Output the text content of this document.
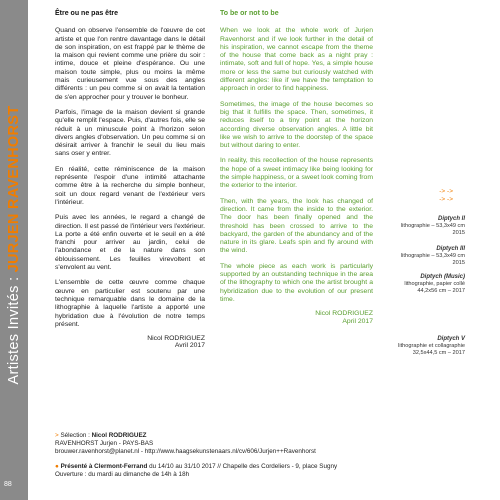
Artistes Invités : JURJEN RAVENHORST
88
Être ou ne pas être

Quand on observe l'ensemble de l'œuvre de cet artiste et que l'on rentre davantage dans le détail de son inspiration, on est frappé par le thème de la maison qui revient comme une prière du soir : intime, douce et pleine d'espérance. Ou une maison toute simple, plus ou moins la même mais curieusement vue sous des angles différents : un peu comme si on avait la tentation de s'en approcher pour y trouver le bonheur.

Parfois, l'image de la maison devient si grande qu'elle remplit l'espace. Puis, d'autres fois, elle se réduit à un minuscule point à l'horizon selon divers angles d'observation. Un peu comme si on désirait arriver à franchir le seuil du lieu mais sans oser y entrer.

En réalité, cette réminiscence de la maison représente l'espoir d'une intimité attachante comme être à la recherche du simple bonheur, soit un doux regard venant de l'extérieur vers l'intérieur.

Puis avec les années, le regard a changé de direction. Il est passé de l'intérieur vers l'extérieur. La porte a été enfin ouverte et le seuil en a été franchi pour arriver au jardin, celui de l'abondance et de la nature dans son éblouissement. Les feuilles virevoltent et s'envolent au vent.

L'ensemble de cette œuvre comme chaque œuvre en particulier est soutenu par une technique remarquable dans le domaine de la lithographie à laquelle l'artiste a apporté une hybridation due à l'évolution de notre temps présent.

Nicol RODRIGUEZ
Avril 2017
To be or not to be

When we look at the whole work of Jurjen Ravenhorst and if we look further in the detail of his inspiration, we cannot escape from the theme of the house that come back as a night pray : intimate, soft and full of hope. Yes, a simple house more or less the same but curiously watched with different angles: like if we have the temptation to approach in order to find happiness.

Sometimes, the image of the house becomes so big that it fulfills the space. Then, sometimes, it reduces itself to a tiny point at the horizon according diverse observation angles. A little bit like we wish to arrive to the doorstep of the space but without daring to enter.

In reality, this recollection of the house represents the hope of a sweet intimacy like being looking for the simple happiness, or a sweet look coming from the exterior to the interior.

Then, with the years, the look has changed of direction. It came from the inside to the exterior. The door has been finally opened and the threshold has been crossed to arrive to the backyard, the garden of the abundancy and of the nature in its glare. Leafs spin and fly around with the wind.

The whole piece as each work is particularly supported by an outstanding technique in the area of the lithography to which one the artist brought a hybridization due to the evolution of our present time.

Nicol RODRIGUEZ
April 2017
-> ->
-> ->
Diptych II
lithographie – 53,3x49 cm
2015
Diptych III
lithographie – 53,3x49 cm
2015
Diptych (Music)
lithographie, papier collé
44,2x56 cm – 2017
Diptych V
lithographie et collagraphie
32,5x44,5 cm – 2017
> Sélection : Nicol RODRIGUEZ
RAVENHORST Jurjen - PAYS-BAS
brouwer.ravenhorst@planet.nl - http://www.haagsekunstenaars.nl/cv/606/Jurjen++Ravenhorst
● Présenté à Clermont-Ferrand du 14/10 au 31/10 2017 // Chapelle des Cordeliers - 9, place Sugny
Ouverture : du mardi au dimanche de 14h à 18h
